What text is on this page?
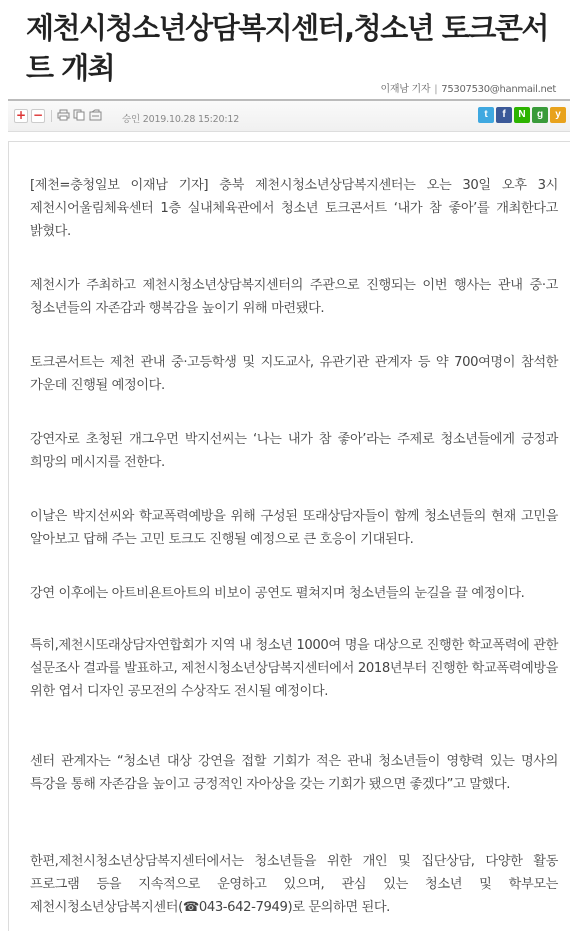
제천시청소년상담복지센터,청소년 토크콘서트 개최
이재남 기자 | 75307530@hanmail.net
+ −	승인 2019.10.28 15:20:12	t	f	N	g	y

[제천=충청일보 이재남 기자] 충북 제천시청소년상담복지센터는 오는 30일 오후 3시 제천시어울림체육센터 1층 실내체육관에서 청소년 토크콘서트 ‘내가 참 좋아’를 개최한다고 밝혔다.

제천시가 주최하고 제천시청소년상담복지센터의 주관으로 진행되는 이번 행사는 관내 중·고 청소년들의 자존감과 행복감을 높이기 위해 마련됐다.

토크콘서트는 제천 관내 중·고등학생 및 지도교사, 유관기관 관계자 등 약 700여명이 참석한 가운데 진행될 예정이다.

강연자로 초청된 개그우먼 박지선씨는 ‘나는 내가 참 좋아’라는 주제로 청소년들에게 긍정과 희망의 메시지를 전한다.

이날은 박지선씨와 학교폭력예방을 위해 구성된 또래상담자들이 함께 청소년들의 현재 고민을 알아보고 답해 주는 고민 토크도 진행될 예정으로 큰 호응이 기대된다.

강연 이후에는 아트비욘트아트의 비보이 공연도 펼쳐지며 청소년들의 눈길을 끌 예정이다.

특히,제천시또래상담자연합회가 지역 내 청소년 1000여 명을 대상으로 진행한 학교폭력에 관한 설문조사 결과를 발표하고, 제천시청소년상담복지센터에서 2018년부터 진행한 학교폭력예방을 위한 엽서 디자인 공모전의 수상작도 전시될 예정이다.

센터 관계자는 “청소년 대상 강연을 접할 기회가 적은 관내 청소년들이 영향력 있는 명사의 특강을 통해 자존감을 높이고 긍정적인 자아상을 갖는 기회가 됐으면 좋겠다”고 말했다.

한편,제천시청소년상담복지센터에서는 청소년들을 위한 개인 및 집단상담, 다양한 활동 프로그램 등을 지속적으로 운영하고 있으며, 관심 있는 청소년 및 학부모는 제천시청소년상담복지센터(☎043-642-7949)로 문의하면 된다.
